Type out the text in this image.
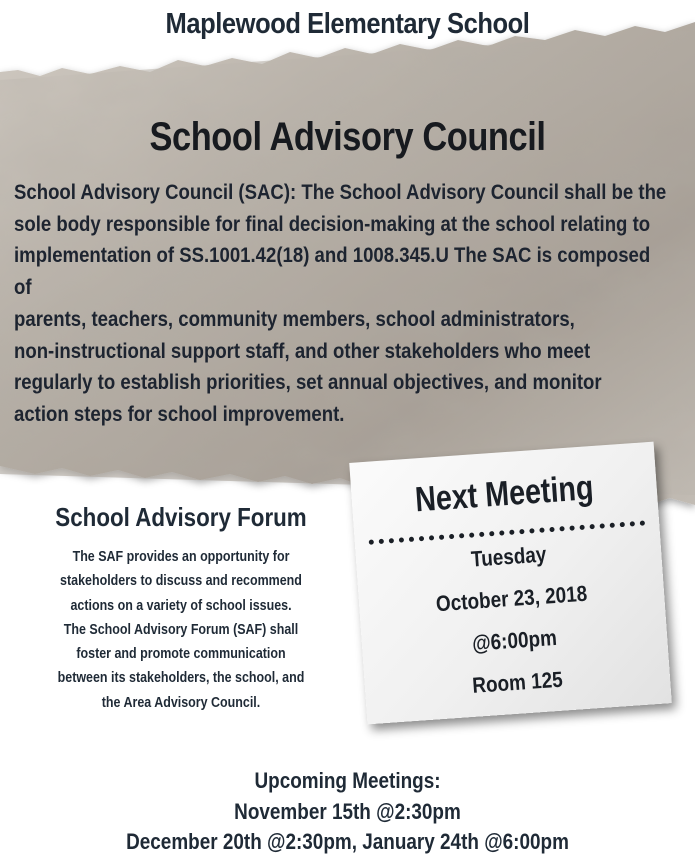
Maplewood Elementary School
School Advisory Council
School Advisory Council (SAC): The School Advisory Council shall be the
sole body responsible for final decision-making at the school relating to
implementation of SS.1001.42(18) and 1008.345.U The SAC is composed of
parents, teachers, community members, school administrators,
non-instructional support staff, and other stakeholders who meet
regularly to establish priorities, set annual objectives, and monitor
action steps for school improvement.
School Advisory Forum
The SAF provides an opportunity for
stakeholders to discuss and recommend
actions on a variety of school issues.
The School Advisory Forum (SAF) shall
foster and promote communication
between its stakeholders, the school, and
the Area Advisory Council.
Next Meeting
Tuesday
October 23, 2018
@6:00pm
Room 125
Upcoming Meetings:
November 15th @2:30pm
December 20th @2:30pm, January 24th @6:00pm
